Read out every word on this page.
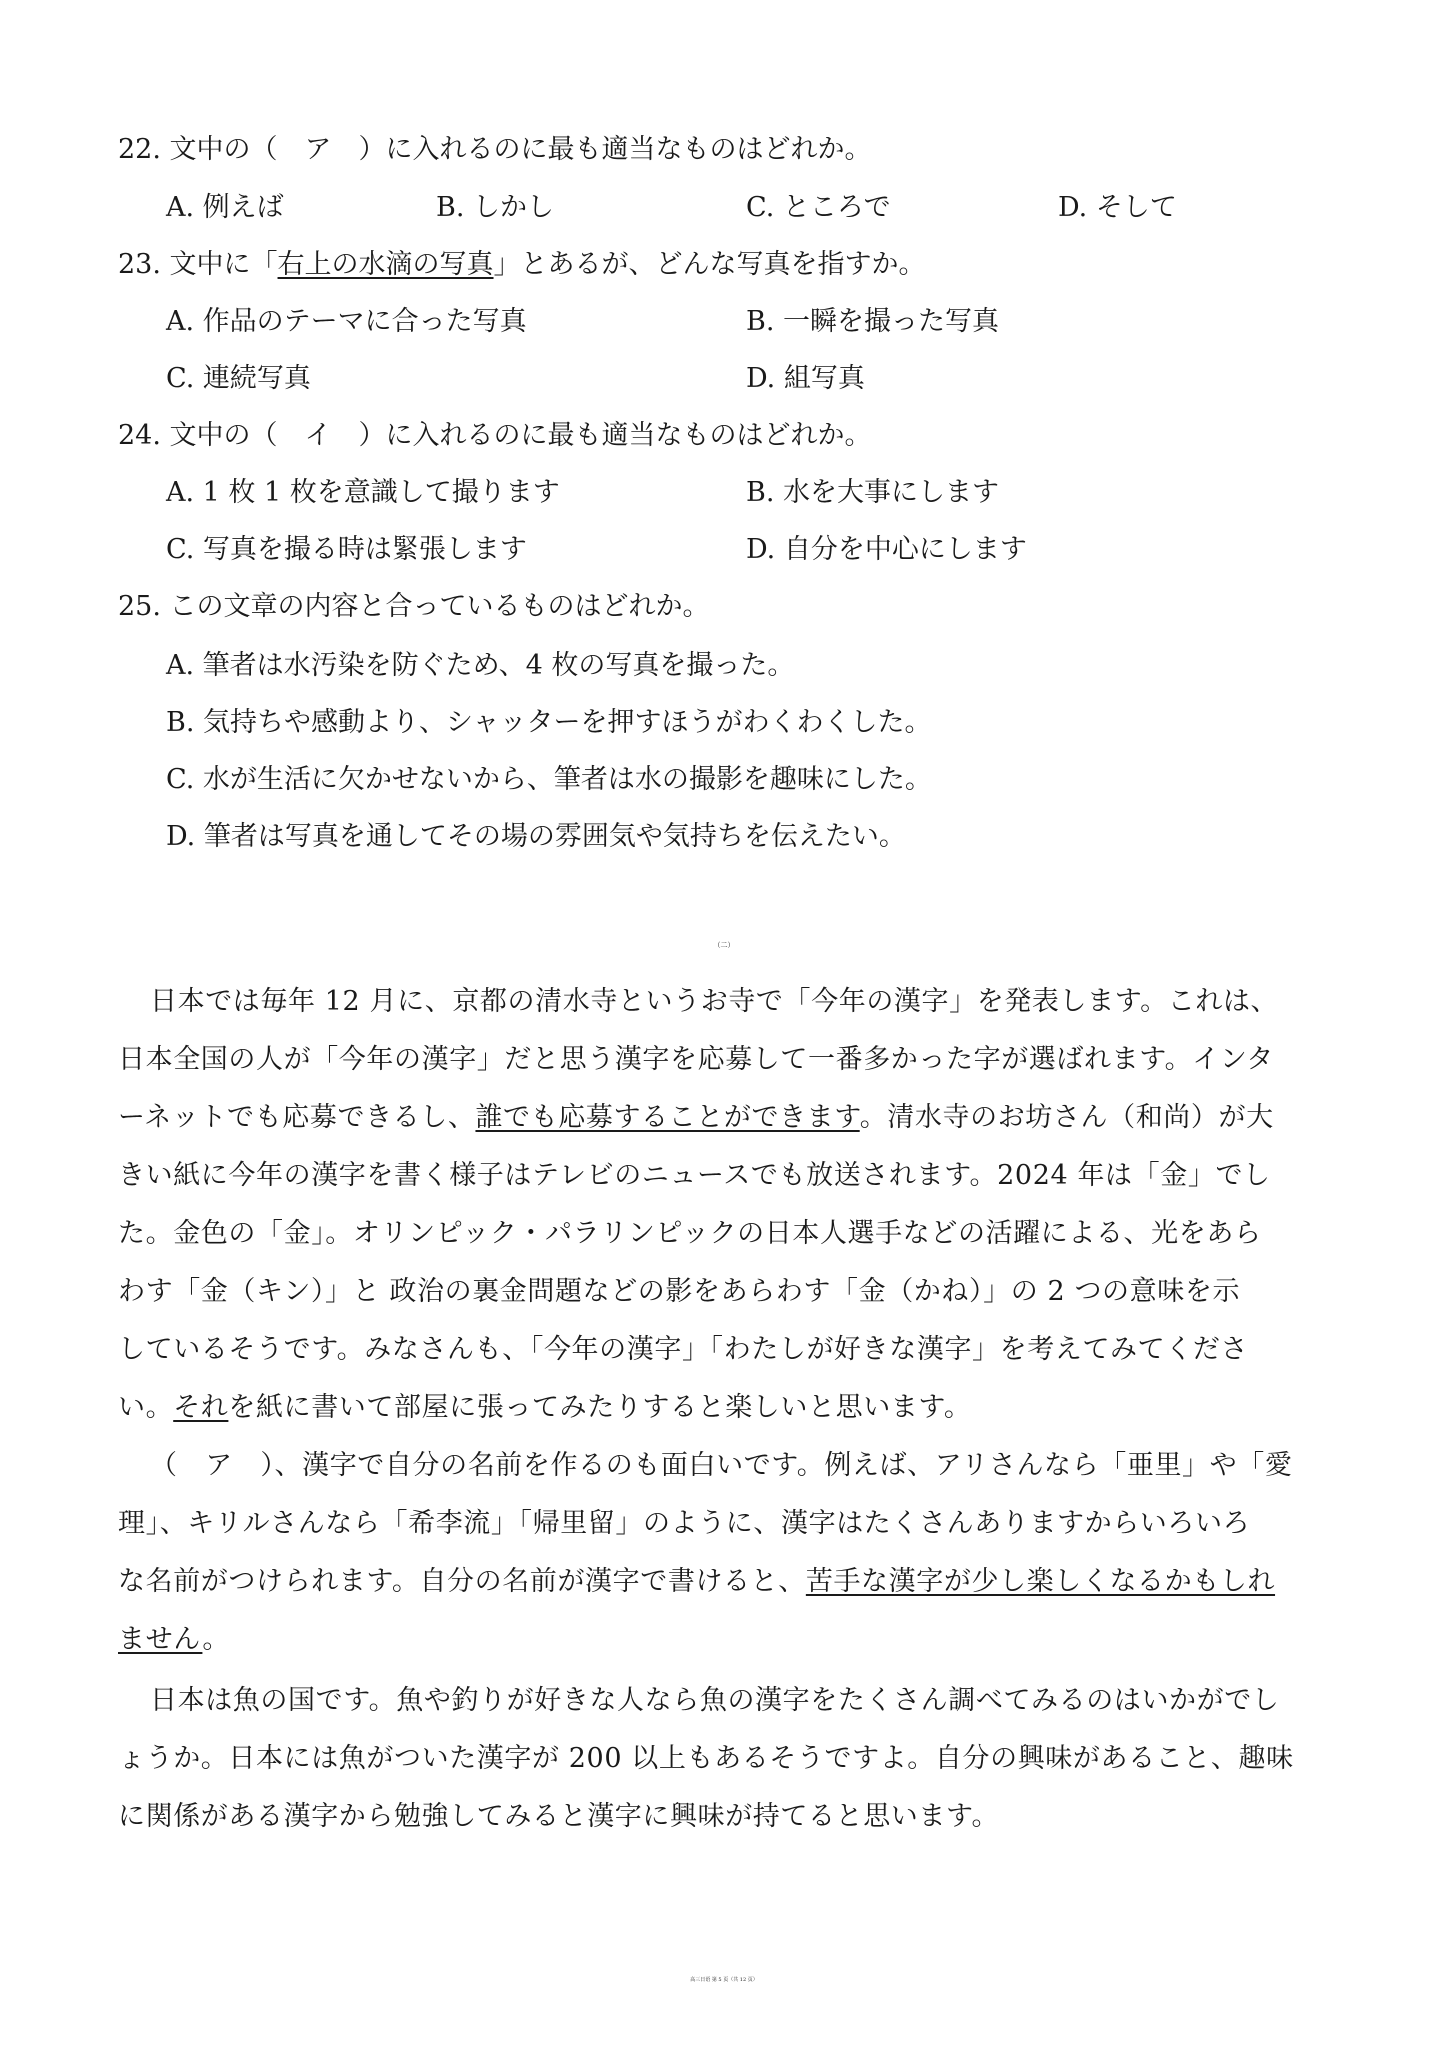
22. 文中の（　ア　）に入れるのに最も適当なものはどれか。
A. 例えば	B. しかし	C. ところで	D. そして
23. 文中に「右上の水滴の写真」とあるが、どんな写真を指すか。
A. 作品のテーマに合った写真	B. 一瞬を撮った写真
C. 連続写真	D. 組写真
24. 文中の（　イ　）に入れるのに最も適当なものはどれか。
A. 1 枚 1 枚を意識して撮ります	B. 水を大事にします
C. 写真を撮る時は緊張します	D. 自分を中心にします
25. この文章の内容と合っているものはどれか。
A. 筆者は水汚染を防ぐため、4 枚の写真を撮った。
B. 気持ちや感動より、シャッターを押すほうがわくわくした。
C. 水が生活に欠かせないから、筆者は水の撮影を趣味にした。
D. 筆者は写真を通してその場の雰囲気や気持ちを伝えたい。
（二）
日本では毎年 12 月に、京都の清水寺というお寺で「今年の漢字」を発表します。これは、
日本全国の人が「今年の漢字」だと思う漢字を応募して一番多かった字が選ばれます。インタ
ーネットでも応募できるし、誰でも応募することができます。清水寺のお坊さん（和尚）が大
きい紙に今年の漢字を書く様子はテレビのニュースでも放送されます。2024 年は「金」でし
た。金色の「金」。オリンピック・パラリンピックの日本人選手などの活躍による、光をあら
わす「金（キン）」と 政治の裏金問題などの影をあらわす「金（かね）」の 2 つの意味を示
しているそうです。みなさんも、「今年の漢字」「わたしが好きな漢字」を考えてみてくださ
い。それを紙に書いて部屋に張ってみたりすると楽しいと思います。
（　ア　）、漢字で自分の名前を作るのも面白いです。例えば、アリさんなら「亜里」や「愛
理」、キリルさんなら「希李流」「帰里留」のように、漢字はたくさんありますからいろいろ
な名前がつけられます。自分の名前が漢字で書けると、苦手な漢字が少し楽しくなるかもしれ
ません。
日本は魚の国です。魚や釣りが好きな人なら魚の漢字をたくさん調べてみるのはいかがでし
ょうか。日本には魚がついた漢字が 200 以上もあるそうですよ。自分の興味があること、趣味
に関係がある漢字から勉強してみると漢字に興味が持てると思います。
高三日语 第 5 页（共 12 页）
